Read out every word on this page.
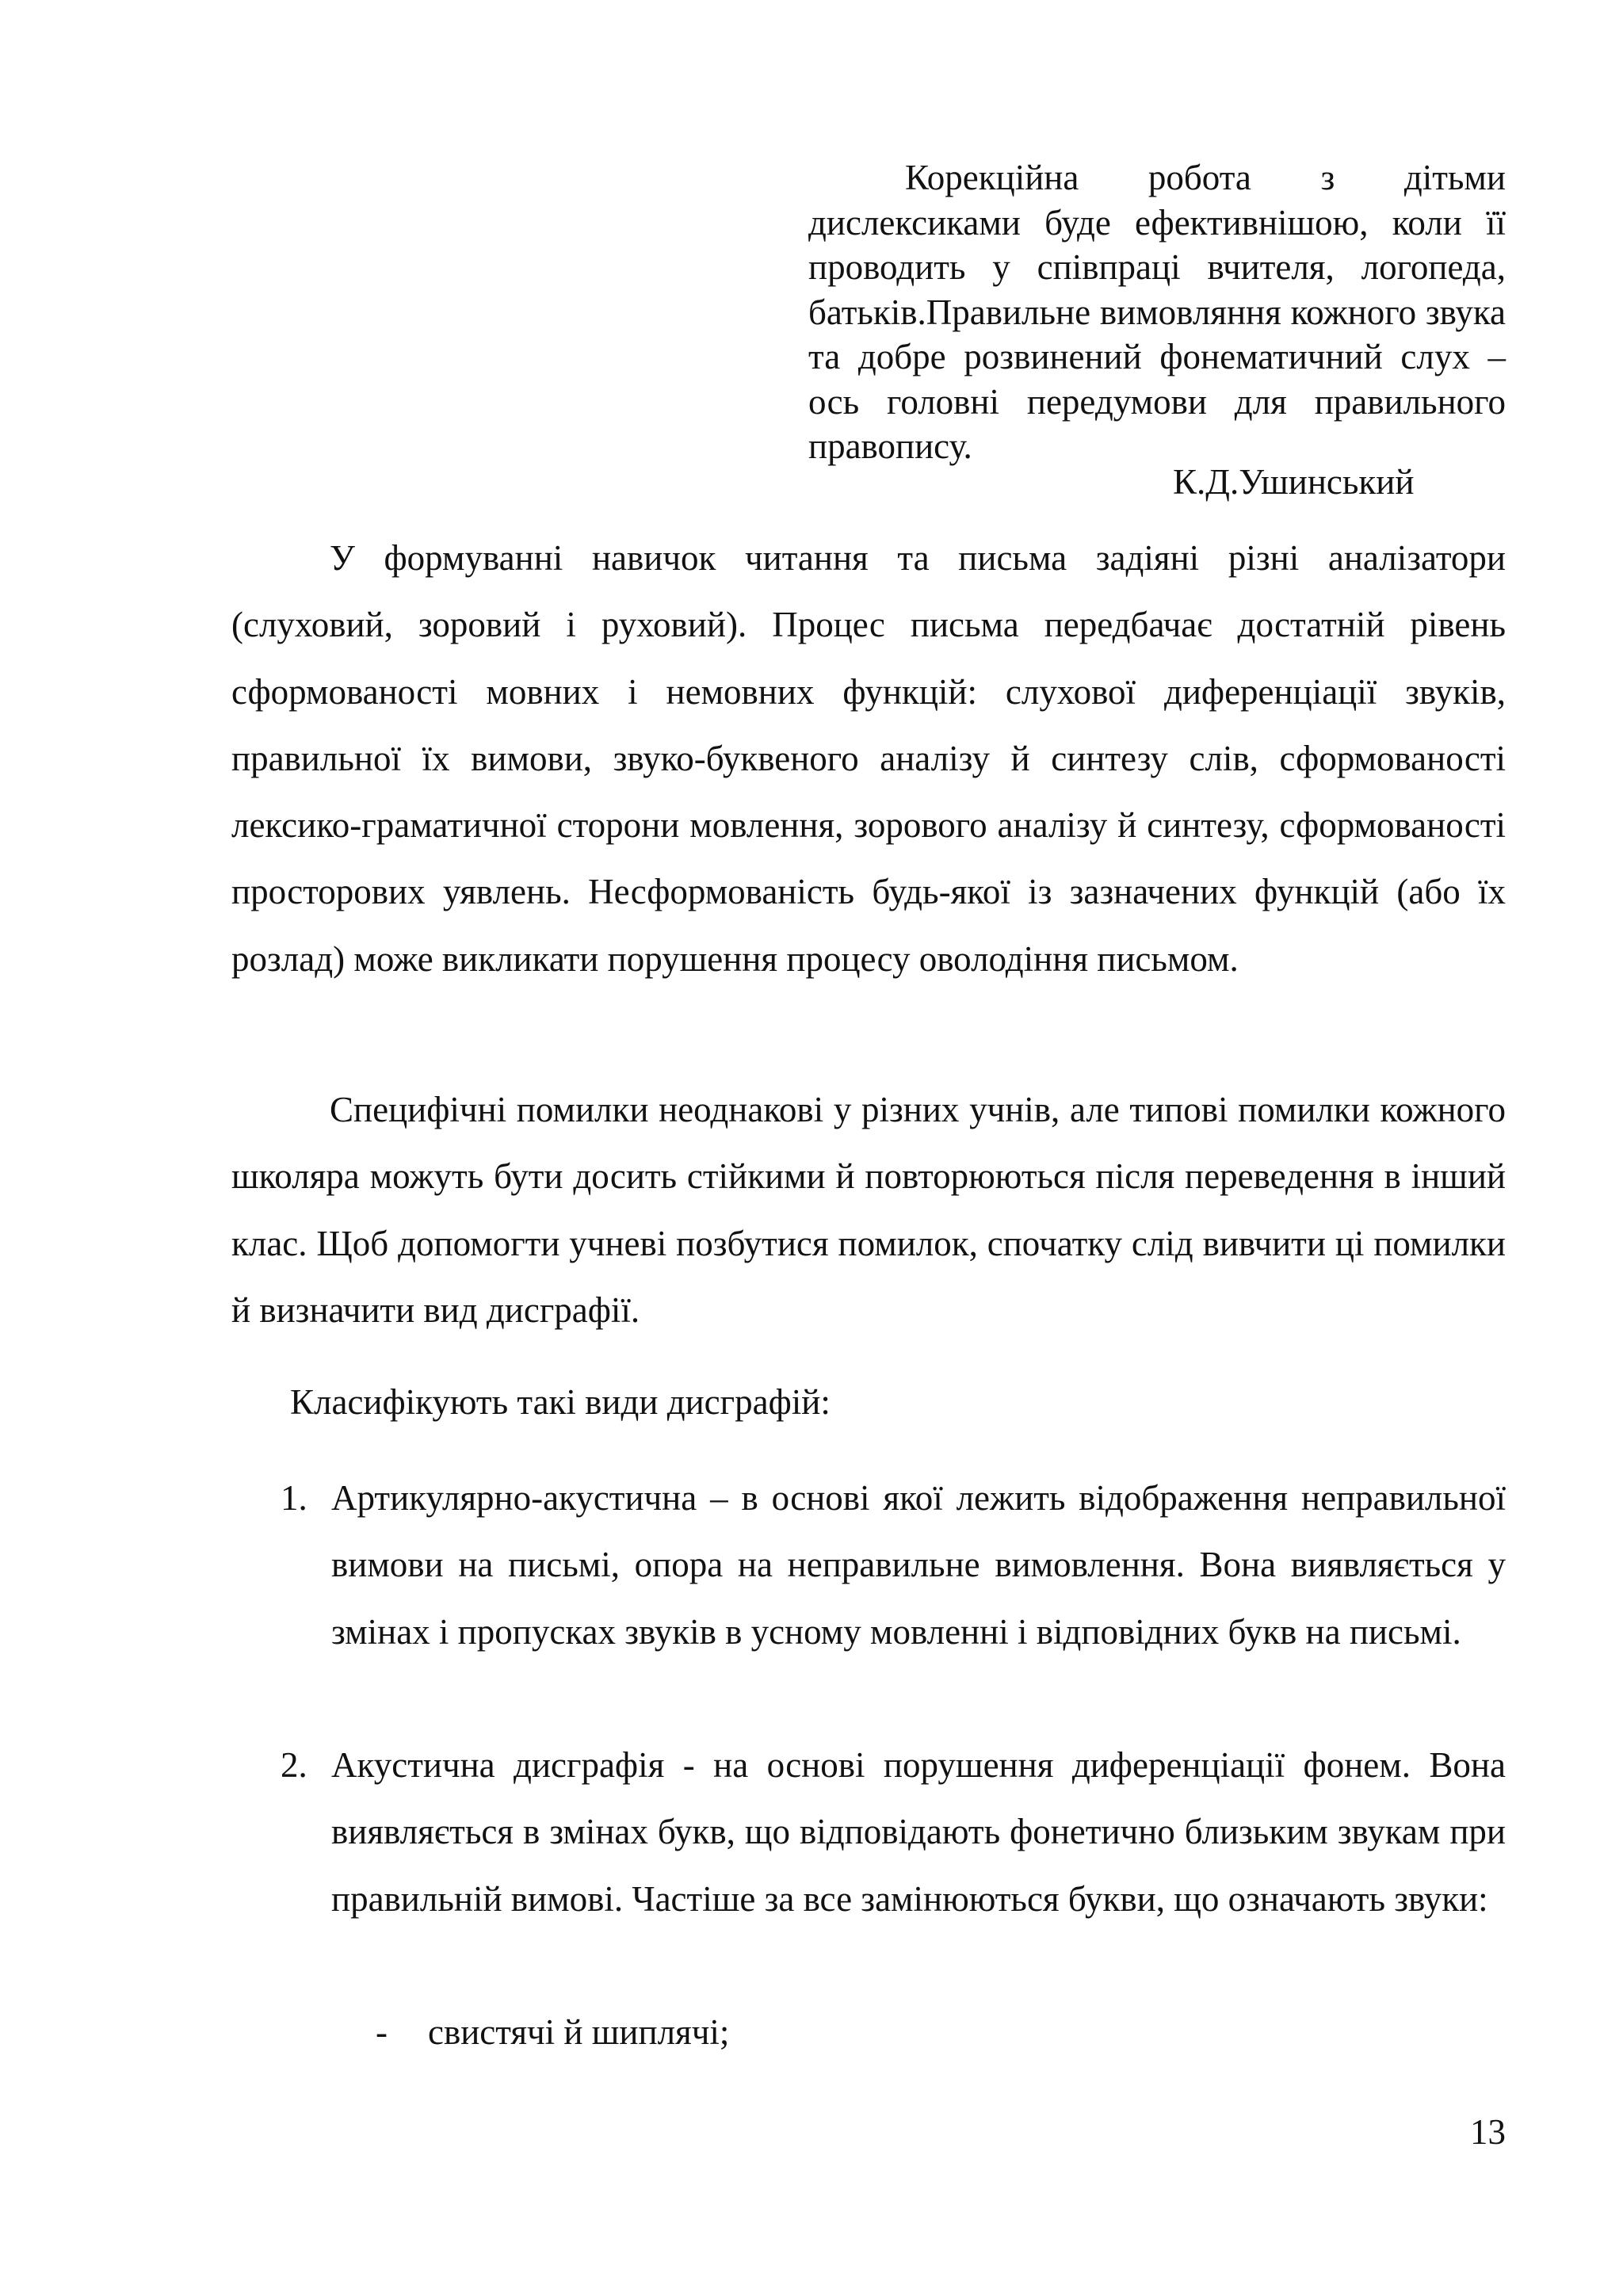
Корекційна робота з дітьми дислексиками буде ефективнішою, коли її проводить у співпраці вчителя, логопеда, батьків.Правильне вимовляння кожного звука та добре розвинений фонематичний слух – ось головні передумови для правильного правопису.
К.Д.Ушинський

У формуванні навичок читання та письма задіяні різні аналізатори (слуховий, зоровий і руховий). Процес письма передбачає достатній рівень сформованості мовних і немовних функцій: слухової диференціації звуків, правильної їх вимови, звуко-буквеного аналізу й синтезу слів, сформованості лексико-граматичної сторони мовлення, зорового аналізу й синтезу, сформованості просторових уявлень. Несформованість будь-якої із зазначених функцій (або їх розлад) може викликати порушення процесу оволодіння письмом.

Специфічні помилки неоднакові у різних учнів, але типові помилки кожного школяра можуть бути досить стійкими й повторюються після переведення в інший клас. Щоб допомогти учневі позбутися помилок, спочатку слід вивчити ці помилки й визначити вид дисграфії.

Класифікують такі види дисграфій:

1. Артикулярно-акустична – в основі якої лежить відображення неправильної вимови на письмі, опора на неправильне вимовлення. Вона виявляється у змінах і пропусках звуків в усному мовленні і відповідних букв на письмі.
2. Акустична дисграфія - на основі порушення диференціації фонем. Вона виявляється в змінах букв, що відповідають фонетично близьким звукам при правильній вимові. Частіше за все замінюються букви, що означають звуки:
- свистячі й шиплячі;
13
